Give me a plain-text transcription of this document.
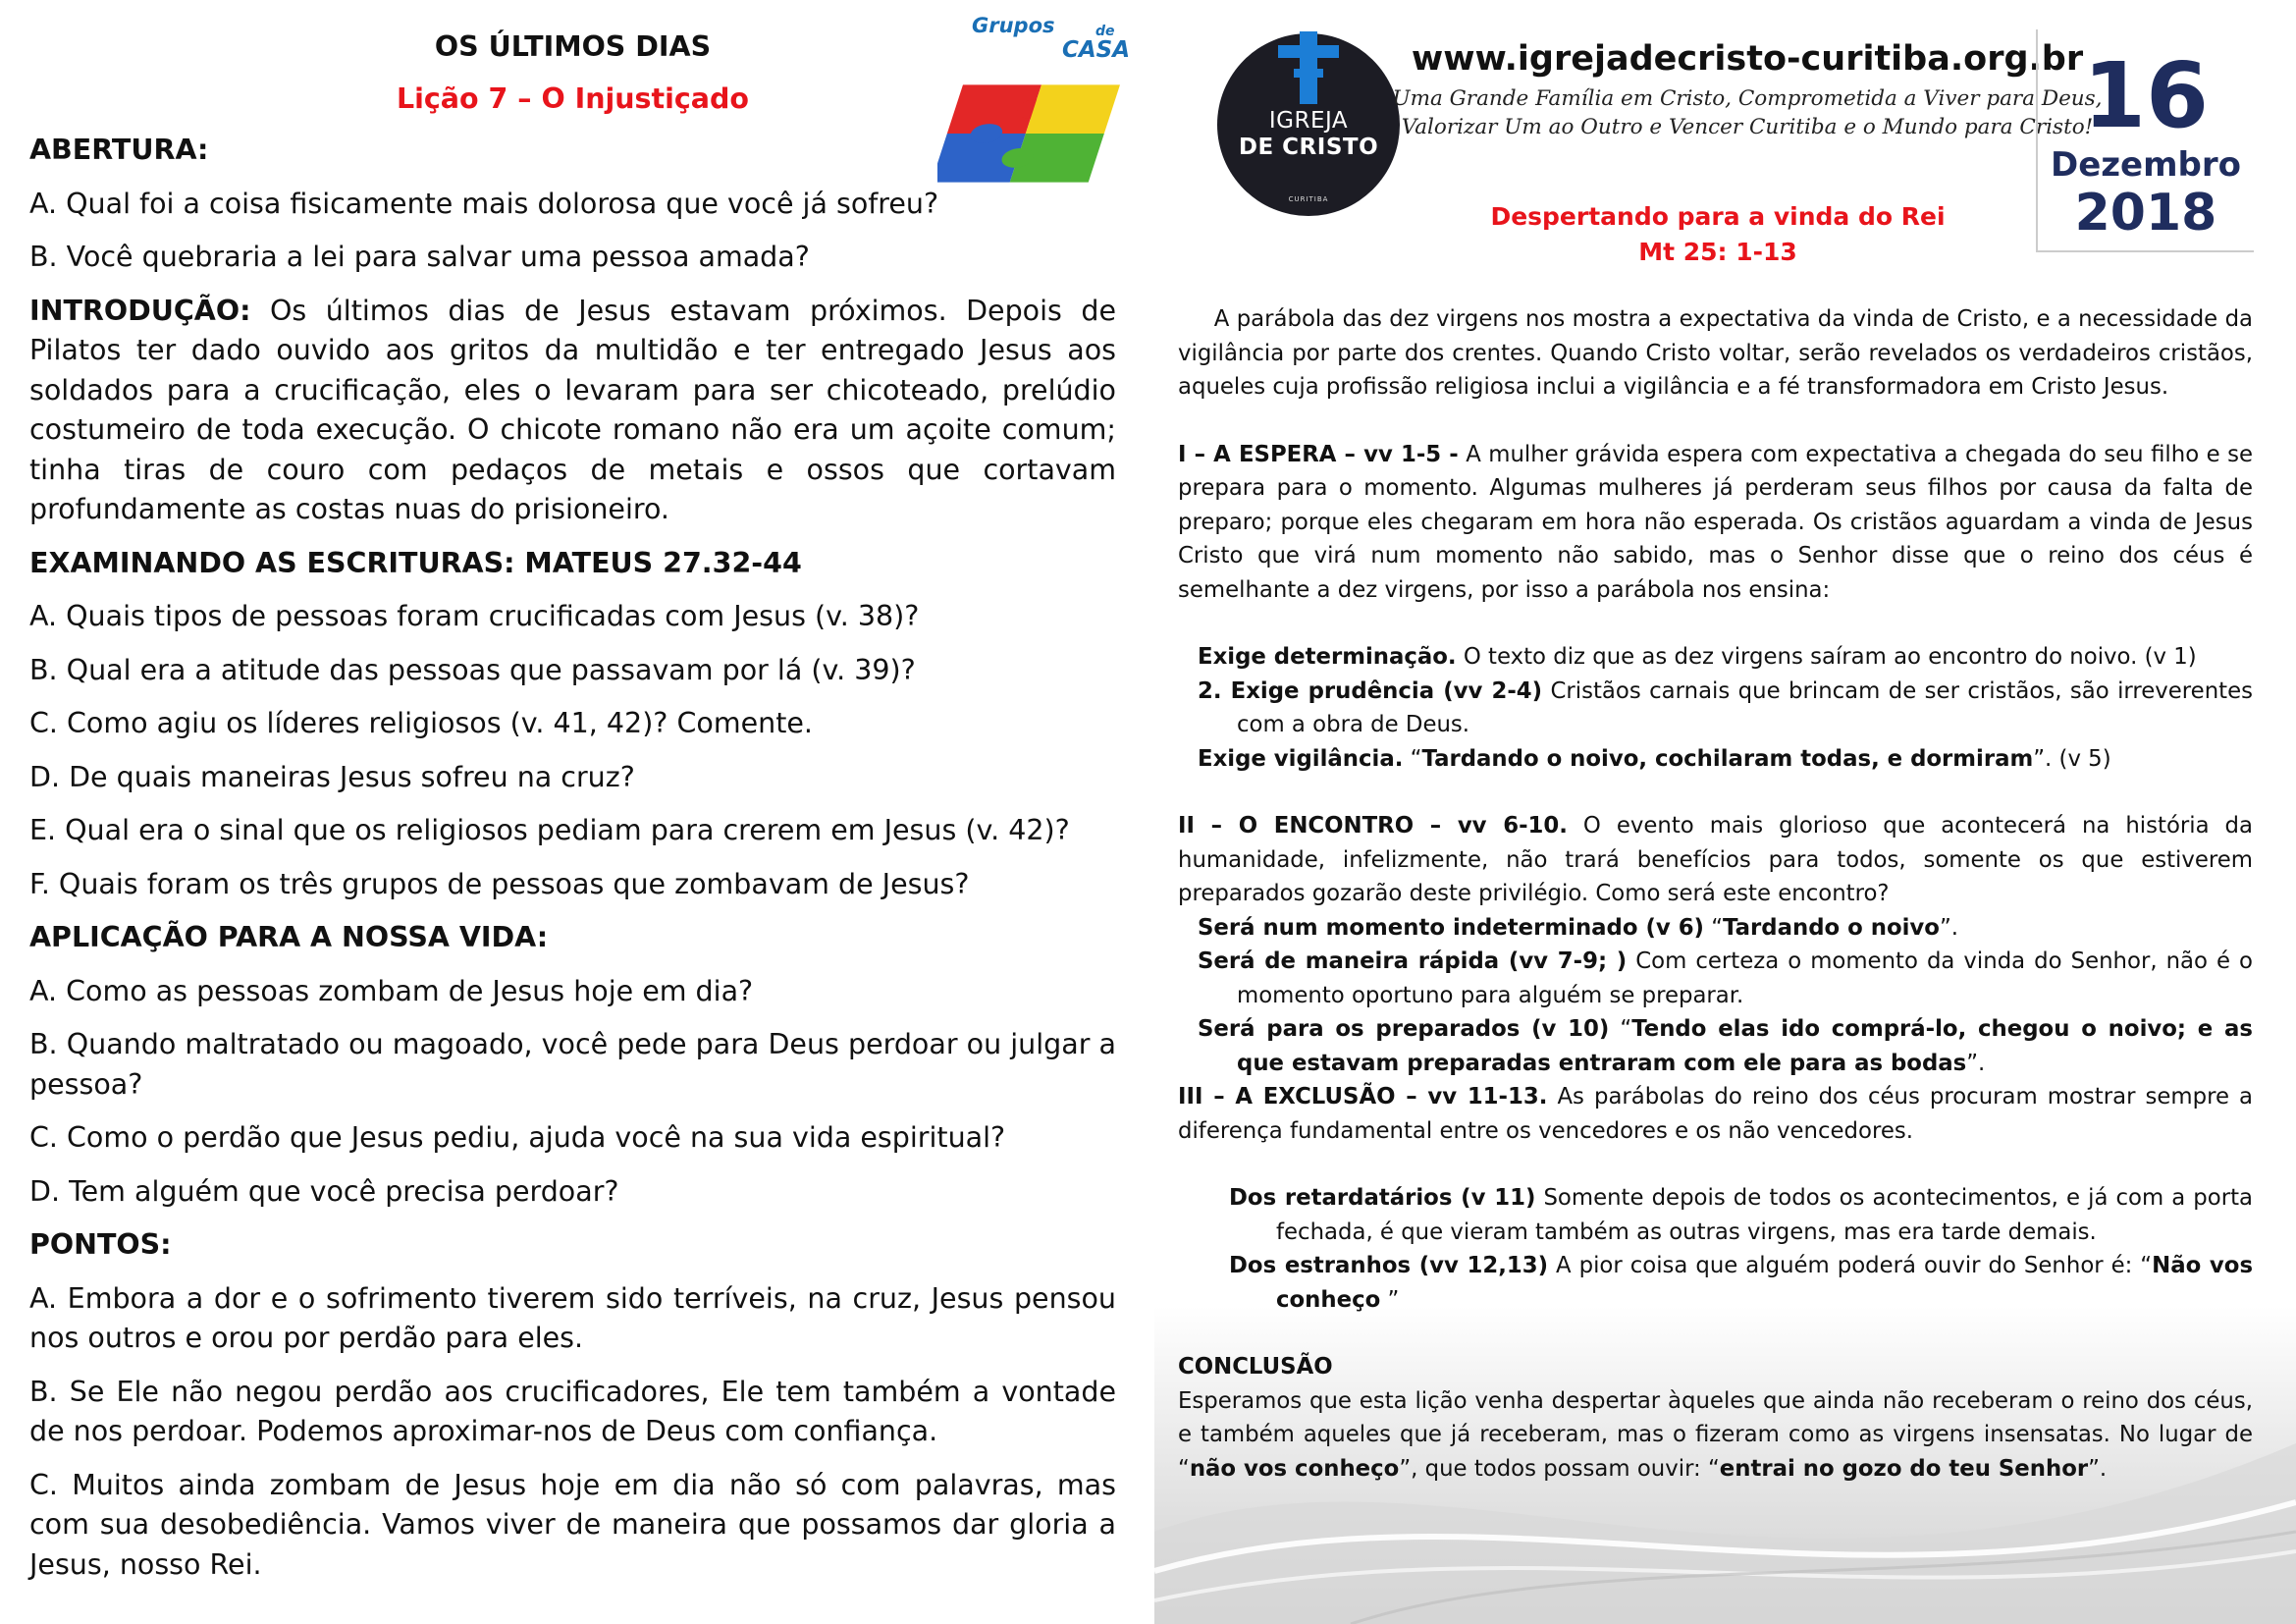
OS ÚLTIMOS DIAS

Lição 7 – O Injustiçado

ABERTURA:

A. Qual foi a coisa fisicamente mais dolorosa que você já sofreu?

B. Você quebraria a lei para salvar uma pessoa amada?

INTRODUÇÃO: Os últimos dias de Jesus estavam próximos. Depois de Pilatos ter dado ouvido aos gritos da multidão e ter entregado Jesus aos soldados para a crucificação, eles o levaram para ser chicoteado, prelúdio costumeiro de toda execução. O chicote romano não era um açoite comum; tinha tiras de couro com pedaços de metais e ossos que cortavam profundamente as costas nuas do prisioneiro.

EXAMINANDO AS ESCRITURAS: MATEUS 27.32-44

A. Quais tipos de pessoas foram crucificadas com Jesus (v. 38)?

B. Qual era a atitude das pessoas que passavam por lá (v. 39)?

C. Como agiu os líderes religiosos (v. 41, 42)? Comente.

D. De quais maneiras Jesus sofreu na cruz?

E. Qual era o sinal que os religiosos pediam para crerem em Jesus (v. 42)?

F. Quais foram os três grupos de pessoas que zombavam de Jesus?

APLICAÇÃO PARA A NOSSA VIDA:

A. Como as pessoas zombam de Jesus hoje em dia?

B. Quando maltratado ou magoado, você pede para Deus perdoar ou julgar a pessoa?

C. Como o perdão que Jesus pediu, ajuda você na sua vida espiritual?

D. Tem alguém que você precisa perdoar?

PONTOS:

A. Embora a dor e o sofrimento tiverem sido terríveis, na cruz, Jesus pensou nos outros e orou por perdão para eles.

B. Se Ele não negou perdão aos crucificadores, Ele tem também a vontade de nos perdoar. Podemos aproximar-nos de Deus com confiança.

C. Muitos ainda zombam de Jesus hoje em dia não só com palavras, mas com sua desobediência. Vamos viver de maneira que possamos dar gloria a Jesus, nosso Rei.

Grupos	de
CASA
IGREJA
DE CRISTO
CURITIBA
www.igrejadecristo-curitiba.org.br
Uma Grande Família em Cristo, Comprometida a Viver para Deus,
Valorizar Um ao Outro e Vencer Curitiba e o Mundo para Cristo!
16
Dezembro
2018
Despertando para a vinda do Rei
Mt 25: 1-13

A parábola das dez virgens nos mostra a expectativa da vinda de Cristo, e a necessidade da vigilância por parte dos crentes. Quando Cristo voltar, serão revelados os verdadeiros cristãos, aqueles cuja profissão religiosa inclui a vigilância e a fé transformadora em Cristo Jesus.

I – A ESPERA – vv 1-5 - A mulher grávida espera com expectativa a chegada do seu filho e se prepara para o momento. Algumas mulheres já perderam seus filhos por causa da falta de preparo; porque eles chegaram em hora não esperada. Os cristãos aguardam a vinda de Jesus Cristo que virá num momento não sabido, mas o Senhor disse que o reino dos céus é semelhante a dez virgens, por isso a parábola nos ensina:

Exige determinação. O texto diz que as dez virgens saíram ao encontro do noivo. (v 1)

2. Exige prudência (vv 2-4) Cristãos carnais que brincam de ser cristãos, são irreverentes com a obra de Deus.

Exige vigilância. “Tardando o noivo, cochilaram todas, e dormiram”. (v 5)

II – O ENCONTRO – vv 6-10. O evento mais glorioso que acontecerá na história da humanidade, infelizmente, não trará benefícios para todos, somente os que estiverem preparados gozarão deste privilégio. Como será este encontro?

Será num momento indeterminado (v 6) “Tardando o noivo”.

Será de maneira rápida (vv 7-9; ) Com certeza o momento da vinda do Senhor, não é o momento oportuno para alguém se preparar.

Será para os preparados (v 10) “Tendo elas ido comprá-lo, chegou o noivo; e as que estavam preparadas entraram com ele para as bodas”.

III – A EXCLUSÃO – vv 11-13. As parábolas do reino dos céus procuram mostrar sempre a diferença fundamental entre os vencedores e os não vencedores.

Dos retardatários (v 11) Somente depois de todos os acontecimentos, e já com a porta fechada, é que vieram também as outras virgens, mas era tarde demais.

Dos estranhos (vv 12,13) A pior coisa que alguém poderá ouvir do Senhor é: “Não vos conheço ”

CONCLUSÃO

Esperamos que esta lição venha despertar àqueles que ainda não receberam o reino dos céus, e também aqueles que já receberam, mas o fizeram como as virgens insensatas. No lugar de “não vos conheço”, que todos possam ouvir: “entrai no gozo do teu Senhor”.
